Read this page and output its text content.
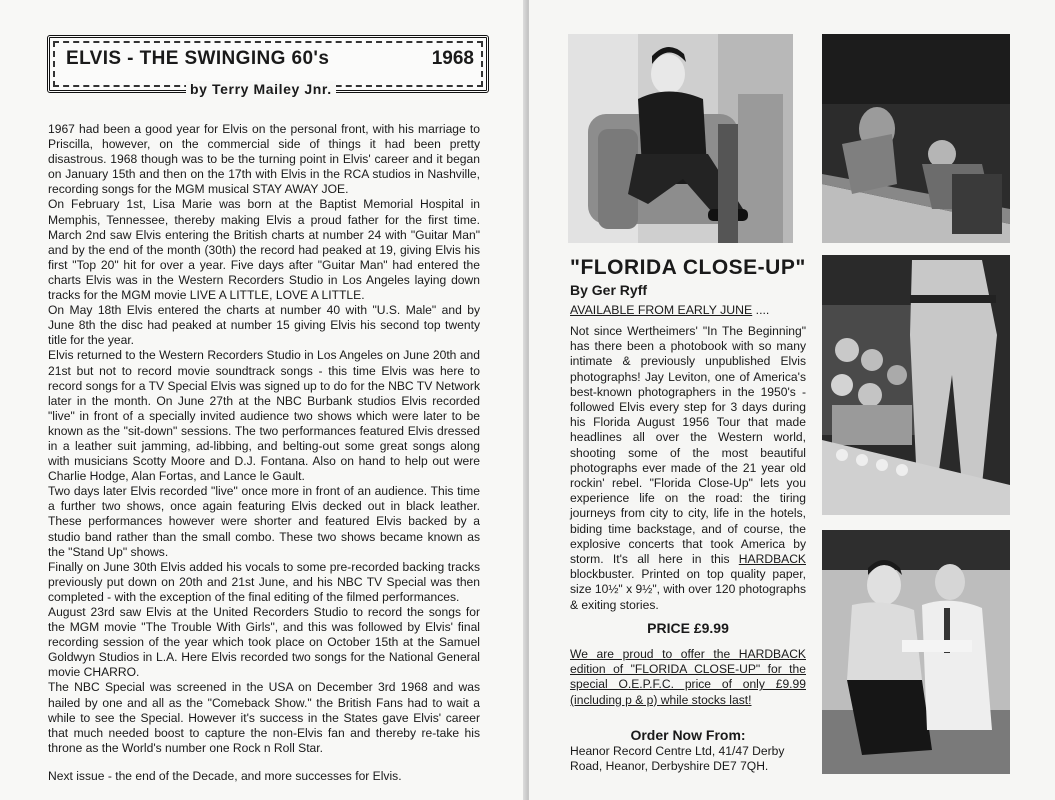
ELVIS - THE SWINGING 60's	1968
by Terry Mailey Jnr.

1967 had been a good year for Elvis on the personal front, with his marriage to Priscilla, however, on the commercial side of things it had been pretty disastrous. 1968 though was to be the turning point in Elvis' career and it began on January 15th and then on the 17th with Elvis in the RCA studios in Nashville, recording songs for the MGM musical STAY AWAY JOE.

On February 1st, Lisa Marie was born at the Baptist Memorial Hospital in Memphis, Tennessee, thereby making Elvis a proud father for the first time. March 2nd saw Elvis entering the British charts at number 24 with "Guitar Man" and by the end of the month (30th) the record had peaked at 19, giving Elvis his first "Top 20" hit for over a year. Five days after "Guitar Man" had entered the charts Elvis was in the Western Recorders Studio in Los Angeles laying down tracks for the MGM movie LIVE A LITTLE, LOVE A LITTLE.

On May 18th Elvis entered the charts at number 40 with "U.S. Male" and by June 8th the disc had peaked at number 15 giving Elvis his second top twenty title for the year.

Elvis returned to the Western Recorders Studio in Los Angeles on June 20th and 21st but not to record movie soundtrack songs - this time Elvis was here to record songs for a TV Special Elvis was signed up to do for the NBC TV Network later in the month. On June 27th at the NBC Burbank studios Elvis recorded "live" in front of a specially invited audience two shows which were later to be known as the "sit-down" sessions. The two performances featured Elvis dressed in a leather suit jamming, ad-libbing, and belting-out some great songs along with musicians Scotty Moore and D.J. Fontana. Also on hand to help out were Charlie Hodge, Alan Fortas, and Lance le Gault.

Two days later Elvis recorded "live" once more in front of an audience. This time a further two shows, once again featuring Elvis decked out in black leather. These performances however were shorter and featured Elvis backed by a studio band rather than the small combo. These two shows became known as the "Stand Up" shows.

Finally on June 30th Elvis added his vocals to some pre-recorded backing tracks previously put down on 20th and 21st June, and his NBC TV Special was then completed - with the exception of the final editing of the filmed performances.

August 23rd saw Elvis at the United Recorders Studio to record the songs for the MGM movie "The Trouble With Girls", and this was followed by Elvis' final recording session of the year which took place on October 15th at the Samuel Goldwyn Studios in L.A. Here Elvis recorded two songs for the National General movie CHARRO.

The NBC Special was screened in the USA on December 3rd 1968 and was hailed by one and all as the "Comeback Show." the British Fans had to wait a while to see the Special. However it's success in the States gave Elvis' career that much needed boost to capture the non-Elvis fan and thereby re-take his throne as the World's number one Rock n Roll Star.

Next issue - the end of the Decade, and more successes for Elvis.

"FLORIDA CLOSE-UP"
By Ger Ryff
AVAILABLE FROM EARLY JUNE ....
Not since Wertheimers' "In The Beginning" has there been a photobook with so many intimate & previously unpublished Elvis photographs! Jay Leviton, one of America's best-known photographers in the 1950's - followed Elvis every step for 3 days during his Florida August 1956 Tour that made headlines all over the Western world, shooting some of the most beautiful photographs ever made of the 21 year old rockin' rebel. "Florida Close-Up" lets you experience life on the road: the tiring journeys from city to city, life in the hotels, biding time backstage, and of course, the explosive concerts that took America by storm. It's all here in this HARDBACK blockbuster. Printed on top quality paper, size 10½" x 9½", with over 120 photographs & exiting stories.
PRICE £9.99
We are proud to offer the HARDBACK edition of "FLORIDA CLOSE-UP" for the special O.E.P.F.C. price of only £9.99 (including p & p) while stocks last!
Order Now From:
Heanor Record Centre Ltd, 41/47 Derby Road, Heanor, Derbyshire DE7 7QH.
